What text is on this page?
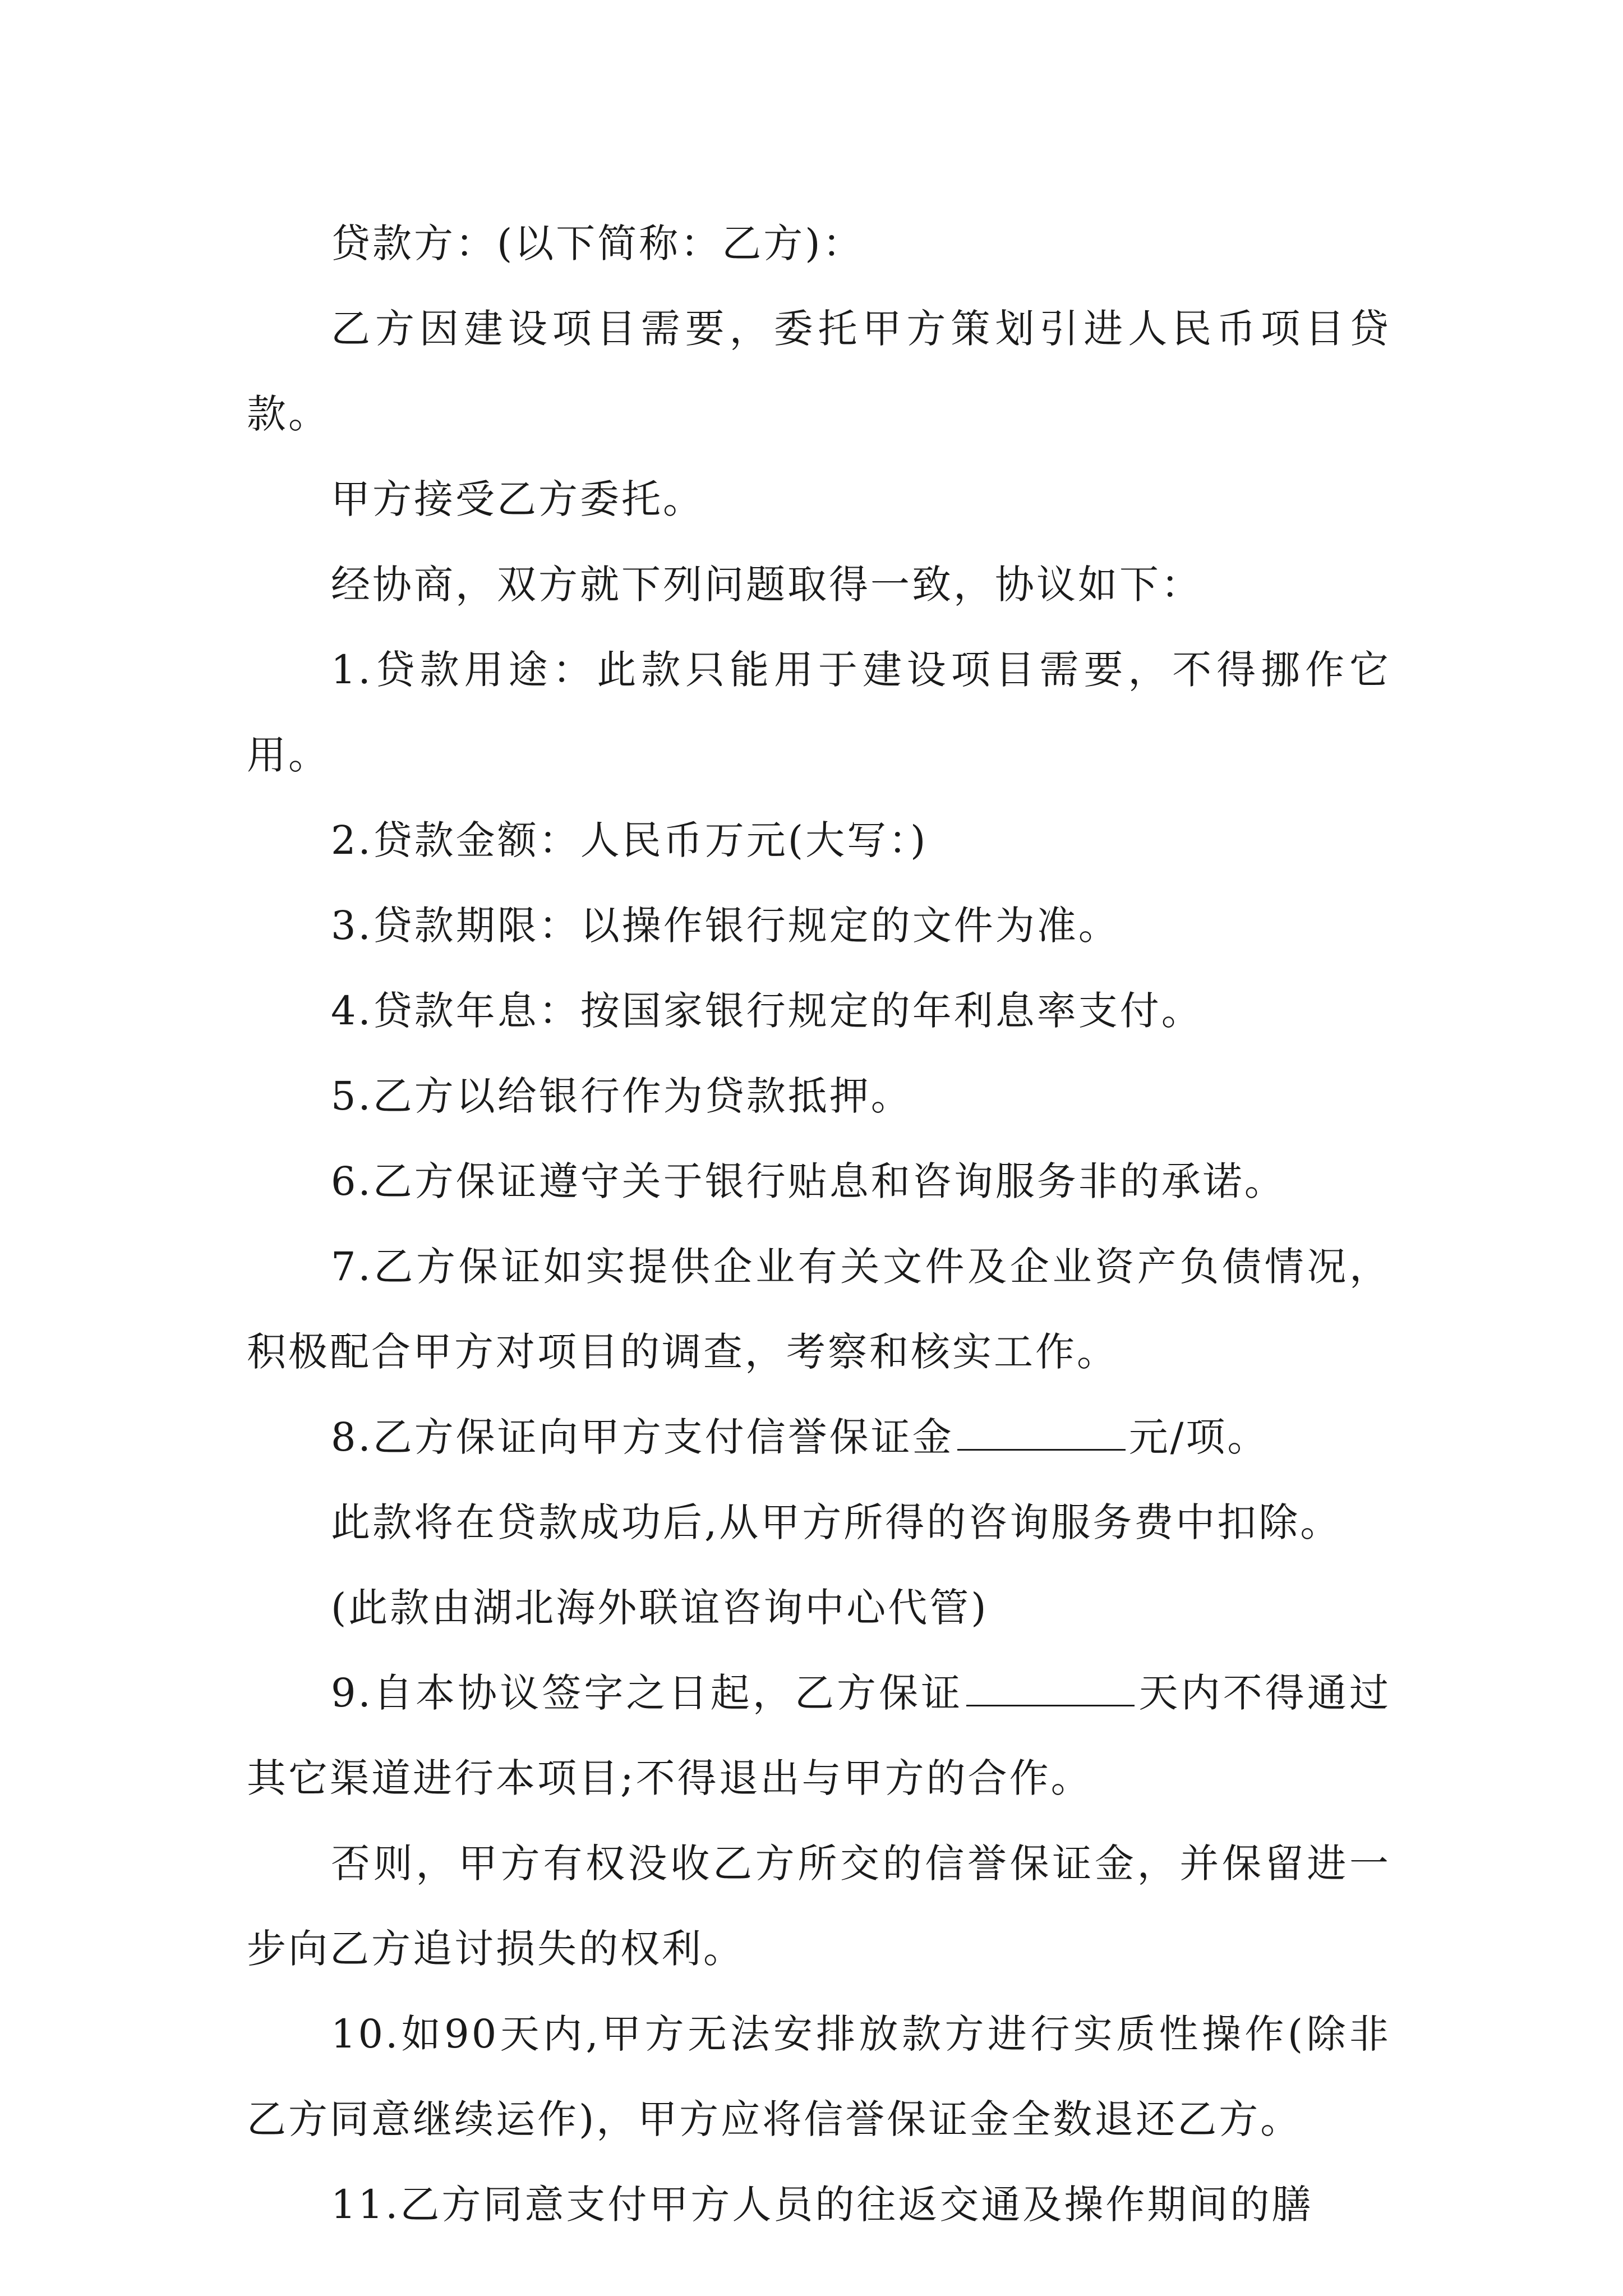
贷款方：(以下简称：乙方)：

乙方因建设项目需要，委托甲方策划引进人民币项目贷款。

甲方接受乙方委托。

经协商，双方就下列问题取得一致，协议如下：

1.贷款用途：此款只能用于建设项目需要，不得挪作它用。

2.贷款金额：人民币万元(大写：)

3.贷款期限：以操作银行规定的文件为准。

4.贷款年息：按国家银行规定的年利息率支付。

5.乙方以给银行作为贷款抵押。

6.乙方保证遵守关于银行贴息和咨询服务非的承诺。

7.乙方保证如实提供企业有关文件及企业资产负债情况，积极配合甲方对项目的调查，考察和核实工作。

8.乙方保证向甲方支付信誉保证金	元/项。

此款将在贷款成功后,从甲方所得的咨询服务费中扣除。

(此款由湖北海外联谊咨询中心代管)

9.自本协议签字之日起，乙方保证	天内不得通过其它渠道进行本项目;不得退出与甲方的合作。

否则，甲方有权没收乙方所交的信誉保证金，并保留进一步向乙方追讨损失的权利。

10.如90天内,甲方无法安排放款方进行实质性操作(除非乙方同意继续运作)，甲方应将信誉保证金全数退还乙方。

11.乙方同意支付甲方人员的往返交通及操作期间的膳
